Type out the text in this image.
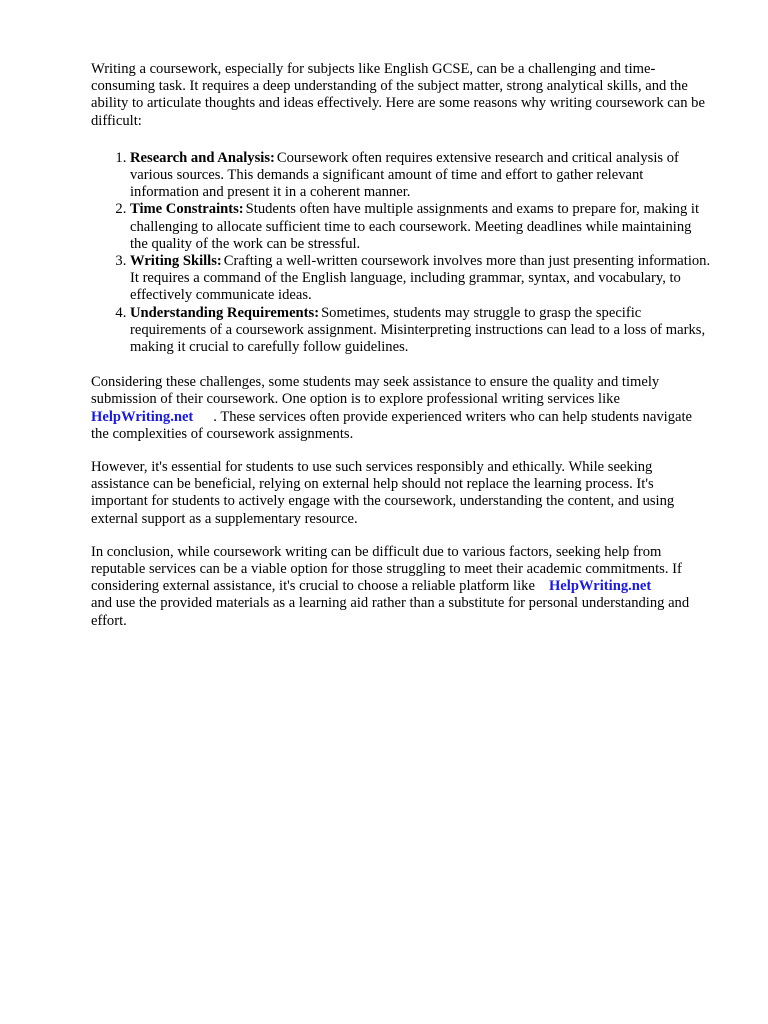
Writing a coursework, especially for subjects like English GCSE, can be a challenging and time-consuming task. It requires a deep understanding of the subject matter, strong analytical skills, and the ability to articulate thoughts and ideas effectively. Here are some reasons why writing coursework can be difficult:

1. Research and Analysis: Coursework often requires extensive research and critical analysis of various sources. This demands a significant amount of time and effort to gather relevant information and present it in a coherent manner.
2. Time Constraints: Students often have multiple assignments and exams to prepare for, making it challenging to allocate sufficient time to each coursework. Meeting deadlines while maintaining the quality of the work can be stressful.
3. Writing Skills: Crafting a well-written coursework involves more than just presenting information. It requires a command of the English language, including grammar, syntax, and vocabulary, to effectively communicate ideas.
4. Understanding Requirements: Sometimes, students may struggle to grasp the specific requirements of a coursework assignment. Misinterpreting instructions can lead to a loss of marks, making it crucial to carefully follow guidelines.

Considering these challenges, some students may seek assistance to ensure the quality and timely submission of their coursework. One option is to explore professional writing services like
HelpWriting.net . These services often provide experienced writers who can help students navigate the complexities of coursework assignments.

However, it's essential for students to use such services responsibly and ethically. While seeking assistance can be beneficial, relying on external help should not replace the learning process. It's important for students to actively engage with the coursework, understanding the content, and using external support as a supplementary resource.

In conclusion, while coursework writing can be difficult due to various factors, seeking help from reputable services can be a viable option for those struggling to meet their academic commitments. If considering external assistance, it's crucial to choose a reliable platform like HelpWriting.net
and use the provided materials as a learning aid rather than a substitute for personal understanding and effort.
